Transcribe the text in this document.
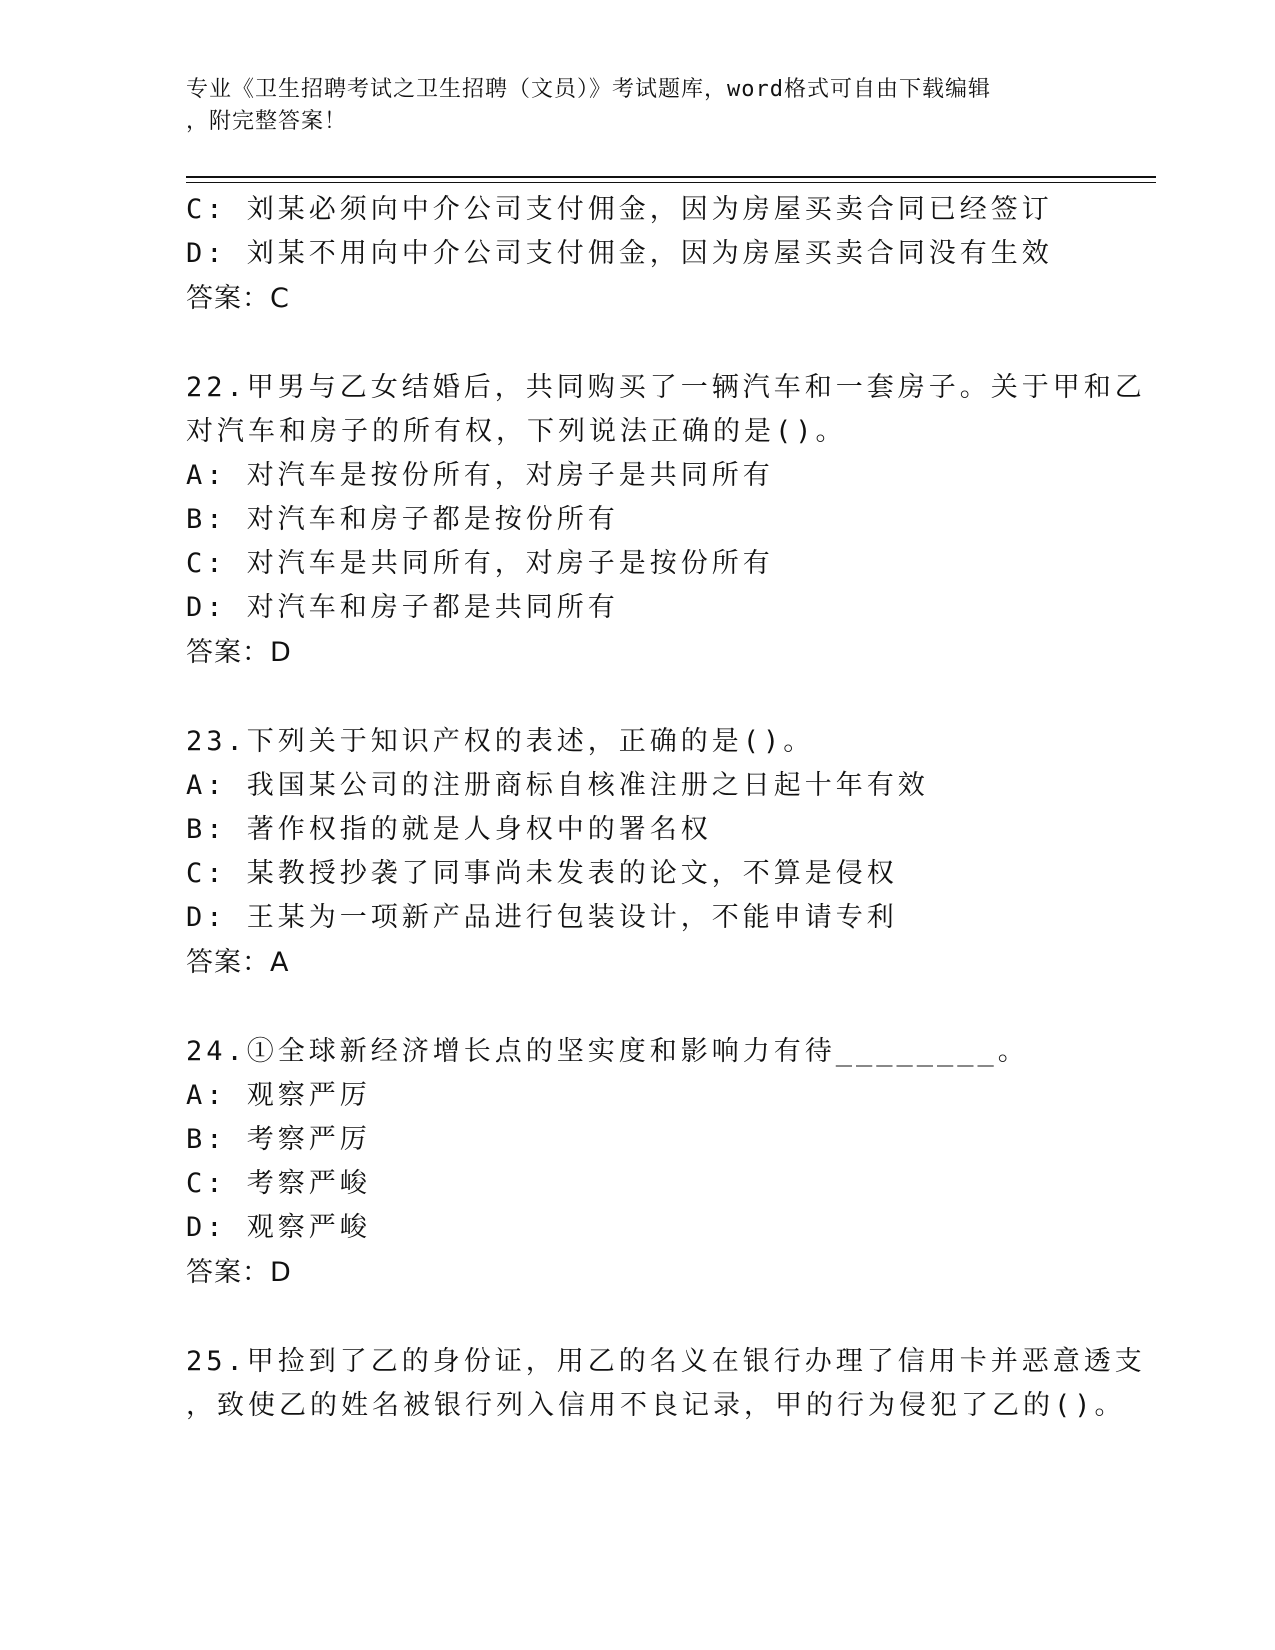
专业《卫生招聘考试之卫生招聘（文员）》考试题库，word格式可自由下载编辑
，附完整答案！
C: 刘某必须向中介公司支付佣金，因为房屋买卖合同已经签订
D: 刘某不用向中介公司支付佣金，因为房屋买卖合同没有生效
答案：C
22.甲男与乙女结婚后，共同购买了一辆汽车和一套房子。关于甲和乙
对汽车和房子的所有权，下列说法正确的是()。
A: 对汽车是按份所有，对房子是共同所有
B: 对汽车和房子都是按份所有
C: 对汽车是共同所有，对房子是按份所有
D: 对汽车和房子都是共同所有
答案：D
23.下列关于知识产权的表述，正确的是()。
A: 我国某公司的注册商标自核准注册之日起十年有效
B: 著作权指的就是人身权中的署名权
C: 某教授抄袭了同事尚未发表的论文，不算是侵权
D: 王某为一项新产品进行包装设计，不能申请专利
答案：A
24.①全球新经济增长点的坚实度和影响力有待________。
A: 观察严厉
B: 考察严厉
C: 考察严峻
D: 观察严峻
答案：D
25.甲捡到了乙的身份证，用乙的名义在银行办理了信用卡并恶意透支
，致使乙的姓名被银行列入信用不良记录，甲的行为侵犯了乙的()。
